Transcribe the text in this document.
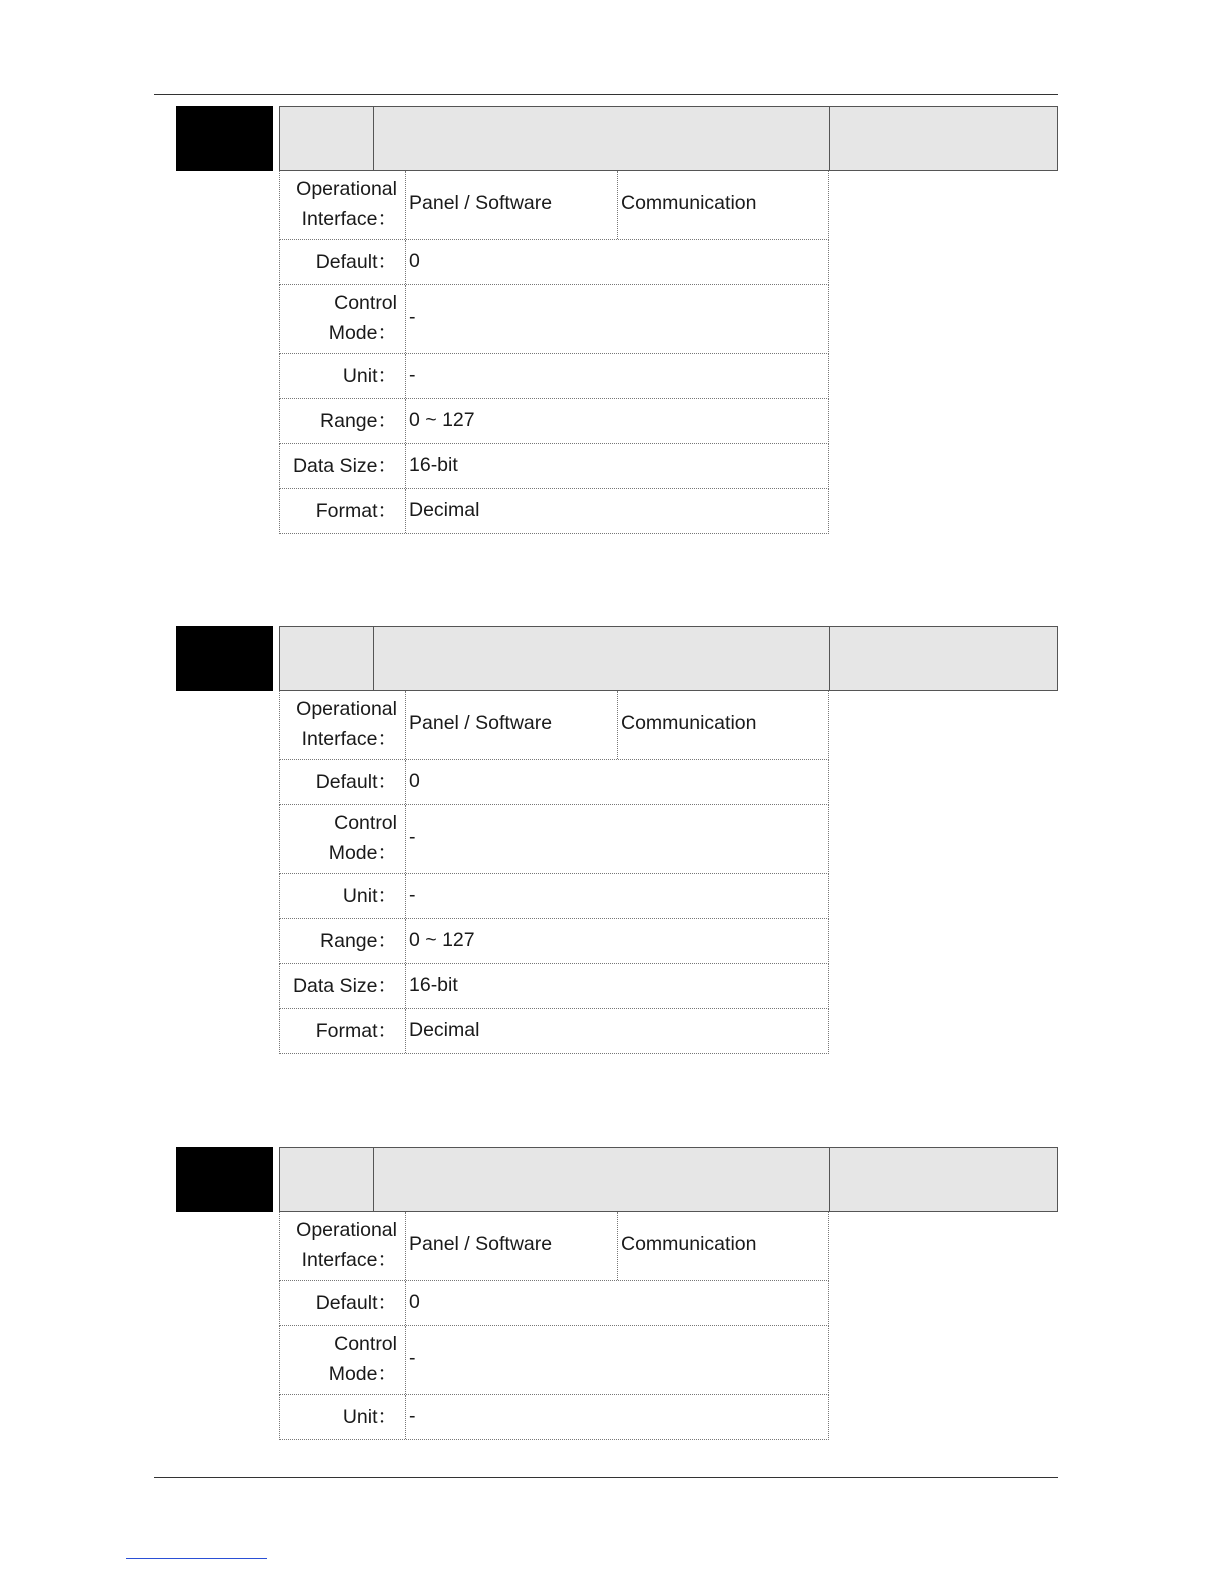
Operational
Interface：
Panel / Software	Communication
Default： 0
Control
Mode：
-
Unit： -
Range： 0 ~ 127
Data Size： 16-bit
Format： Decimal
Operational
Interface：
Panel / Software	Communication
Default： 0
Control
Mode：
-
Unit： -
Range： 0 ~ 127
Data Size： 16-bit
Format： Decimal
Operational
Interface：
Panel / Software	Communication
Default： 0
Control
Mode：
-
Unit： -
